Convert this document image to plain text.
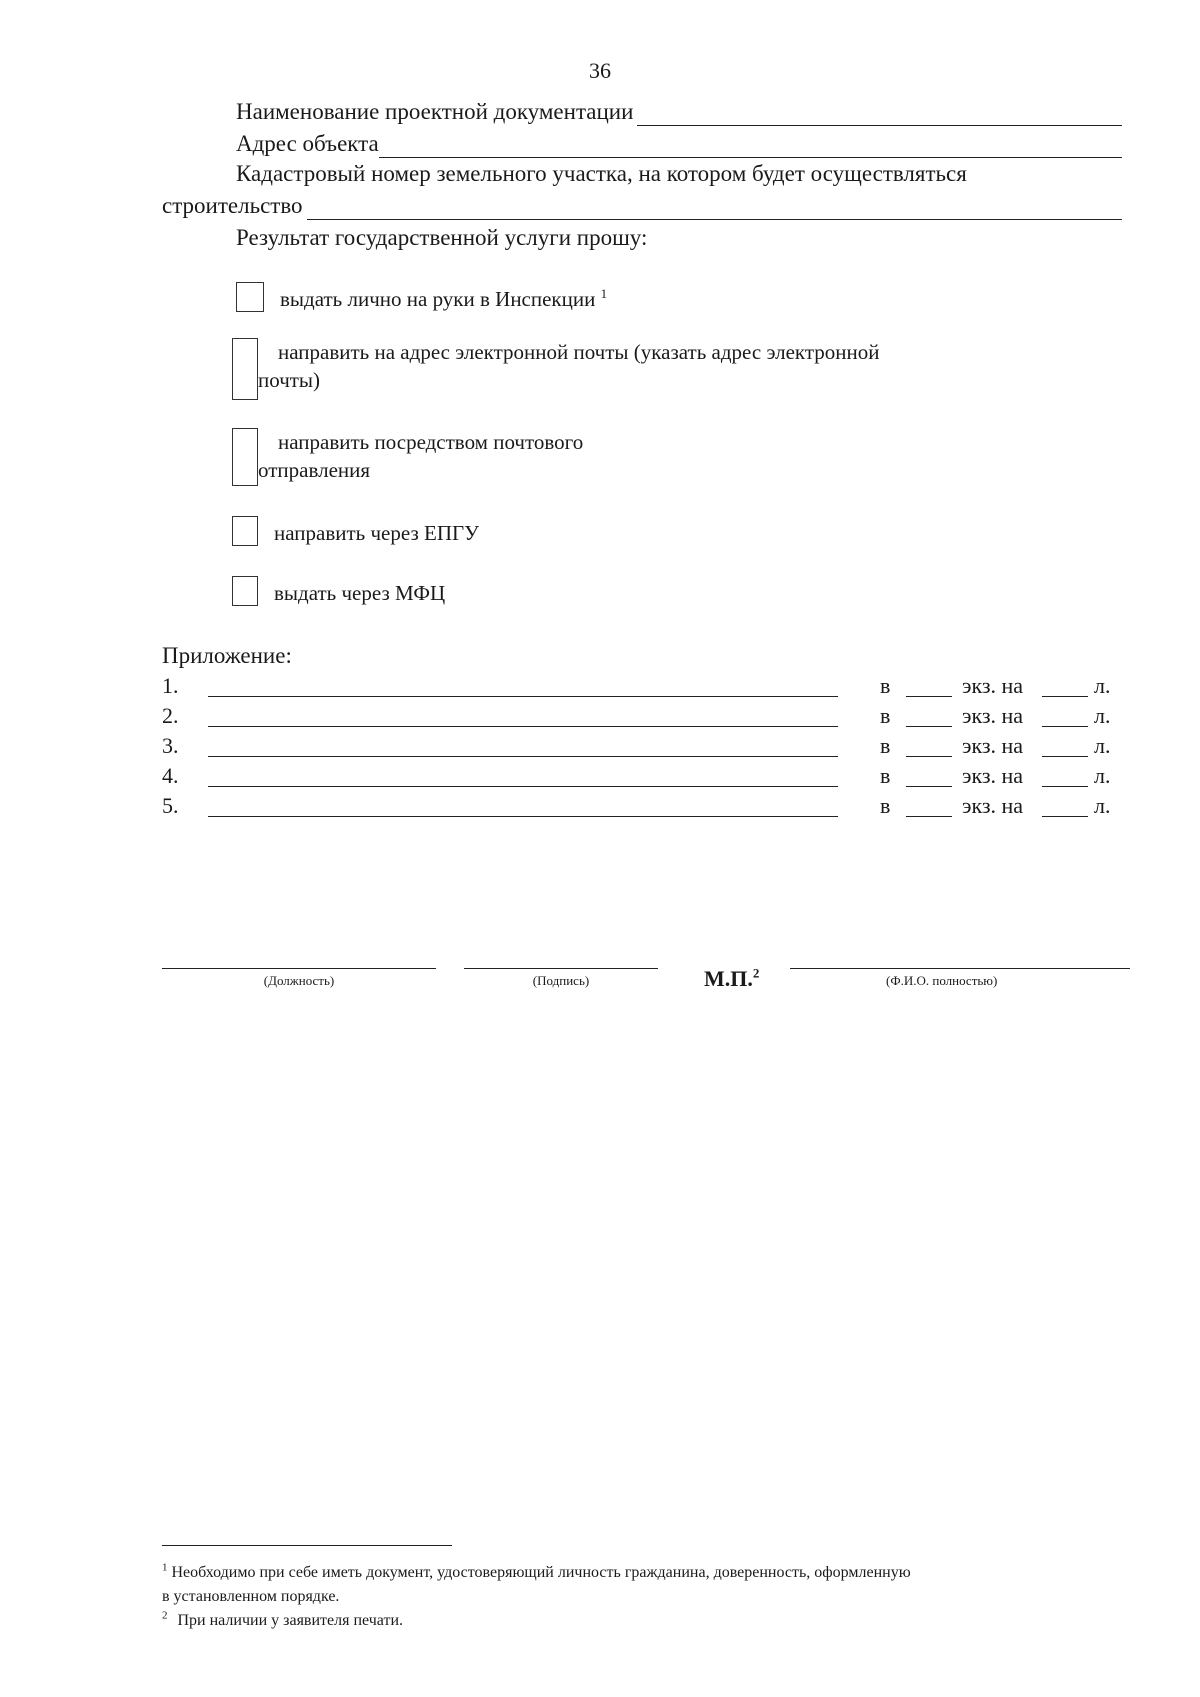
36
Наименование проектной документации
Адрес объекта
Кадастровый номер земельного участка, на котором будет осуществляться
строительство
Результат государственной услуги прошу:
выдать лично на руки в Инспекции $^1$
направить на адрес электронной почты (указать адрес электронной
почты)
направить посредством почтового
отправления
направить через ЕПГУ
выдать через МФЦ
Приложение:
1.	в	экз. на	л.
2.	в	экз. на	л.
3.	в	экз. на	л.
4.	в	экз. на	л.
5.	в	экз. на	л.
(Должность)	(Подпись)	М.П.$^2$	(Ф.И.О. полностью)
$^1$ Необходимо при себе иметь документ, удостоверяющий личность гражданина, доверенность, оформленную
в установленном порядке.
$^2$ При наличии у заявителя печати.
